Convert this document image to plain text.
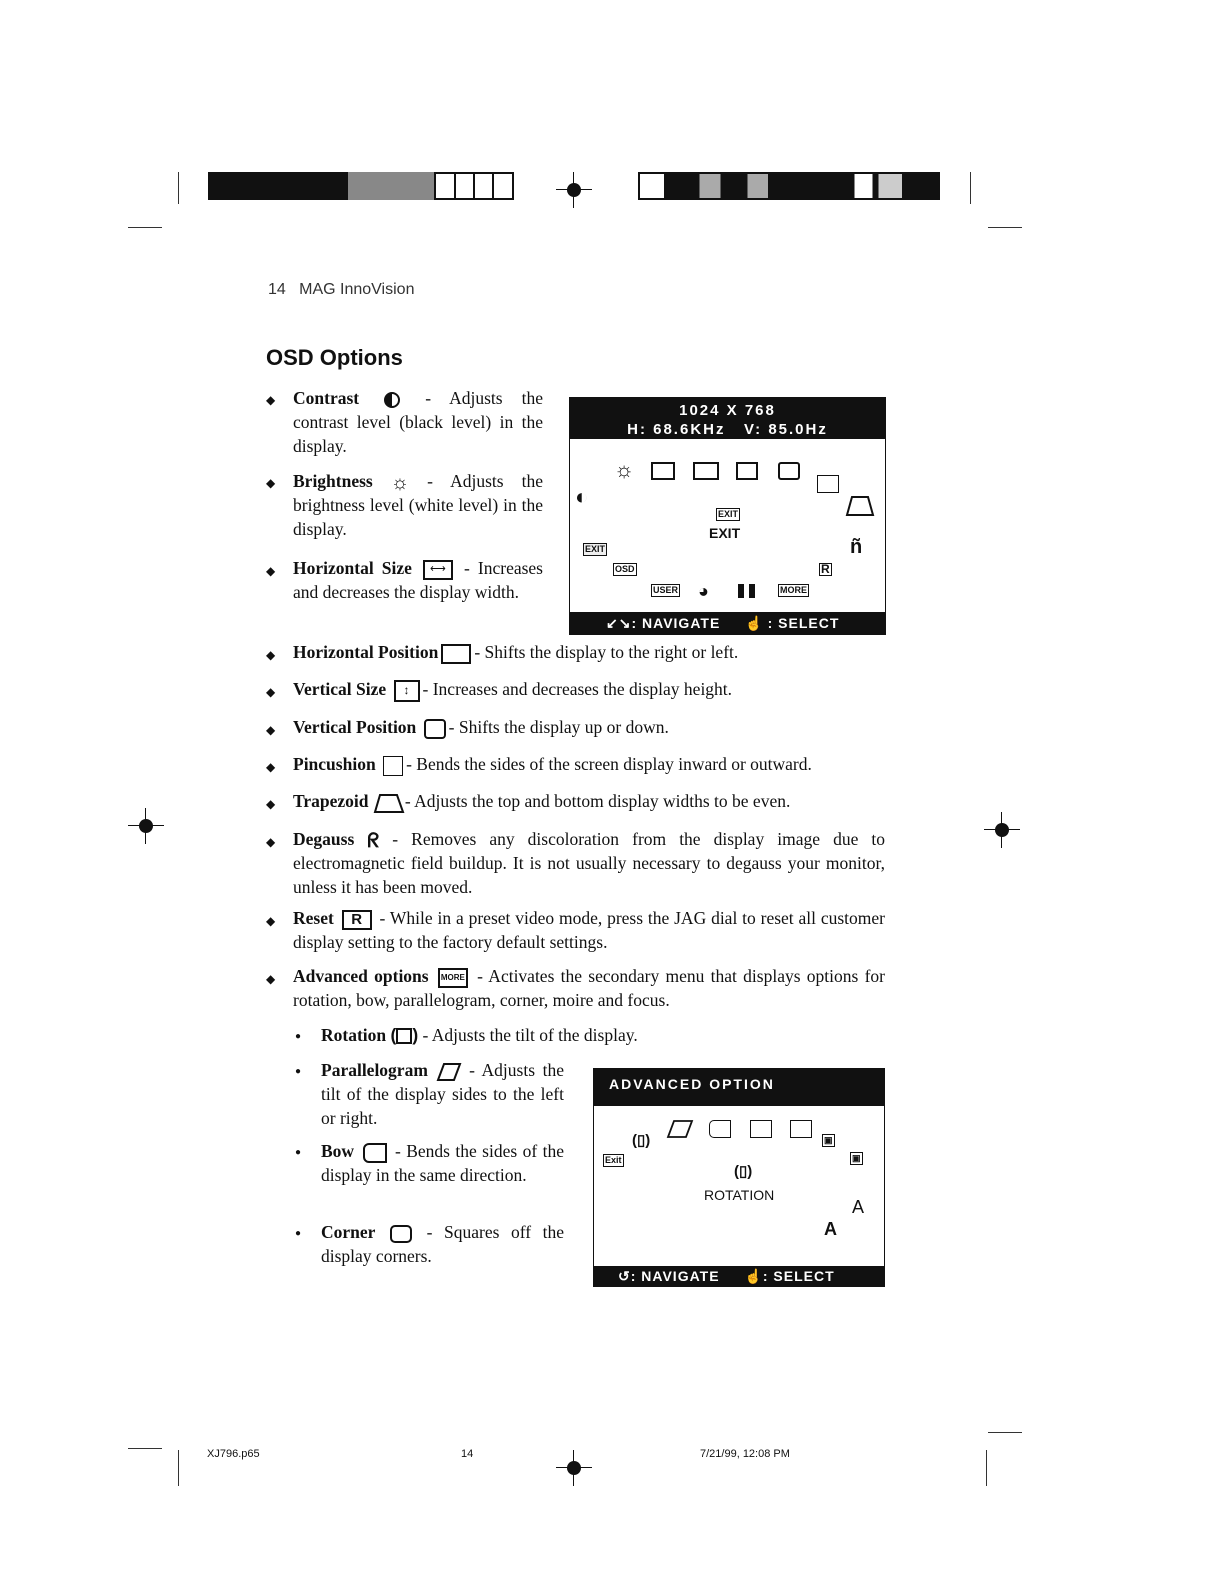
14 MAG InnoVision
OSD Options
◆ Contrast	- Adjusts the contrast level (black level) in the display.
◆ Brightness ☼ - Adjusts the brightness level (white level) in the display.
◆ Horizontal Size ⟷ - Increases and decreases the display width.
◆ Horizontal Position - Shifts the display to the right or left.
◆ Vertical Size ↕ - Increases and decreases the display height.
◆ Vertical Position - Shifts the display up or down.
◆ Pincushion - Bends the sides of the screen display inward or outward.
◆ Trapezoid - Adjusts the top and bottom display widths to be even.
◆ Degauss ᖇ - Removes any discoloration from the display image due to electromagnetic field buildup. It is not usually necessary to degauss your monitor, unless it has been moved.
◆ Reset R - While in a preset video mode, press the JAG dial to reset all customer display setting to the factory default settings.
◆ Advanced options MORE - Activates the secondary menu that displays options for rotation, bow, parallelogram, corner, moire and focus.
● Rotation ( ) - Adjusts the tilt of the display.
● Parallelogram - Adjusts the tilt of the display sides to the left or right.
● Bow - Bends the sides of the display in the same direction.
● Corner	- Squares off the display corners.
1024 X 768
H: 68.6KHz   V: 85.0Hz
◐
☼
EXIT
EXIT
EXIT	ñ
OSD	R
USER ◕	MORE
↙↘: NAVIGATE ☝ : SELECT
ADVANCED OPTION
(▯)	▣
Exit	▣
(▯)
ROTATION
A
A
↺: NAVIGATE ☝: SELECT
XJ796.p65	14	7/21/99, 12:08 PM
